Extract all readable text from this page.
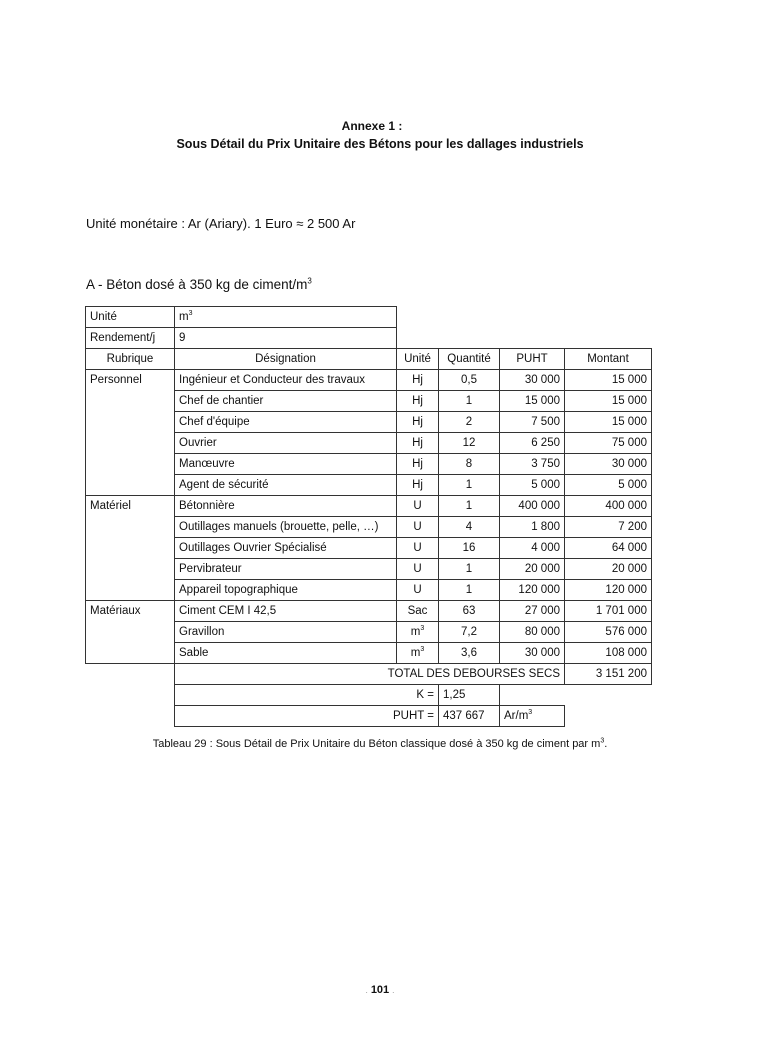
Annexe 1 :
Sous Détail du Prix Unitaire des Bétons pour les dallages industriels
Unité monétaire : Ar (Ariary). 1 Euro ≈ 2 500 Ar
A - Béton dosé à 350 kg de ciment/$m^3$
Unité	$m^3$	
Rendement/j	9				
Rubrique	Désignation	Unité	Quantité	PUHT	Montant
Personnel	Ingénieur et Conducteur des travaux	Hj	0,5	30 000	15 000
	Chef de chantier	Hj	1	15 000	15 000
	Chef d'équipe	Hj	2	7 500	15 000
	Ouvrier	Hj	12	6 250	75 000
	Manœuvre	Hj	8	3 750	30 000
	Agent de sécurité	Hj	1	5 000	5 000
Matériel	Bétonnière	U	1	400 000	400 000
	Outillages manuels (brouette, pelle, …)	U	4	1 800	7 200
	Outillages Ouvrier Spécialisé	U	16	4 000	64 000
	Pervibrateur	U	1	20 000	20 000
	Appareil topographique	U	1	120 000	120 000
Matériaux	Ciment CEM I 42,5	Sac	63	27 000	1 701 000
	Gravillon	$m^3$	7,2	80 000	576 000
	Sable	$m^3$	3,6	30 000	108 000
				TOTAL DES DEBOURSES SECS	3 151 200
	K =		1,25		
	PUHT =		437 667	$Ar/m^3$	
Tableau 29 : Sous Détail de Prix Unitaire du Béton classique dosé à 350 kg de ciment par $m^3$.
. 101 .
